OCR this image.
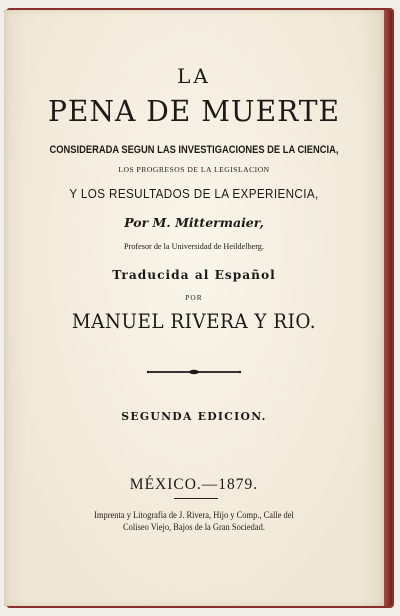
LA
PENA DE MUERTE
CONSIDERADA SEGUN LAS INVESTIGACIONES DE LA CIENCIA,
LOS PROGRESOS DE LA LEGISLACION
Y LOS RESULTADOS DE LA EXPERIENCIA,
Por M. Mittermaier,
Profesor de la Universidad de Heildelberg.
Traducida al Español
POR
MANUEL RIVERA Y RIO.
SEGUNDA EDICION.
MÉXICO.—1879.
Imprenta y Litografía de J. Rivera, Hijo y Comp., Calle del
Coliseo Viejo, Bajos de la Gran Sociedad.
